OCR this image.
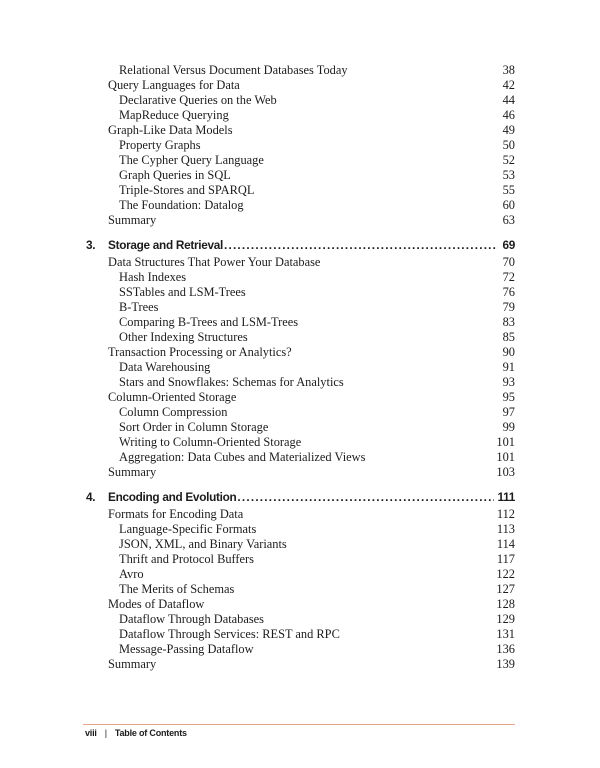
Relational Versus Document Databases Today	38
Query Languages for Data	42
Declarative Queries on the Web	44
MapReduce Querying	46
Graph-Like Data Models	49
Property Graphs	50
The Cypher Query Language	52
Graph Queries in SQL	53
Triple-Stores and SPARQL	55
The Foundation: Datalog	60
Summary	63
3.	Storage and Retrieval .....	69
Data Structures That Power Your Database	70
Hash Indexes	72
SSTables and LSM-Trees	76
B-Trees	79
Comparing B-Trees and LSM-Trees	83
Other Indexing Structures	85
Transaction Processing or Analytics?	90
Data Warehousing	91
Stars and Snowflakes: Schemas for Analytics	93
Column-Oriented Storage	95
Column Compression	97
Sort Order in Column Storage	99
Writing to Column-Oriented Storage	101
Aggregation: Data Cubes and Materialized Views	101
Summary	103
4.	Encoding and Evolution .....	111
Formats for Encoding Data	112
Language-Specific Formats	113
JSON, XML, and Binary Variants	114
Thrift and Protocol Buffers	117
Avro	122
The Merits of Schemas	127
Modes of Dataflow	128
Dataflow Through Databases	129
Dataflow Through Services: REST and RPC	131
Message-Passing Dataflow	136
Summary	139
viii | Table of Contents
